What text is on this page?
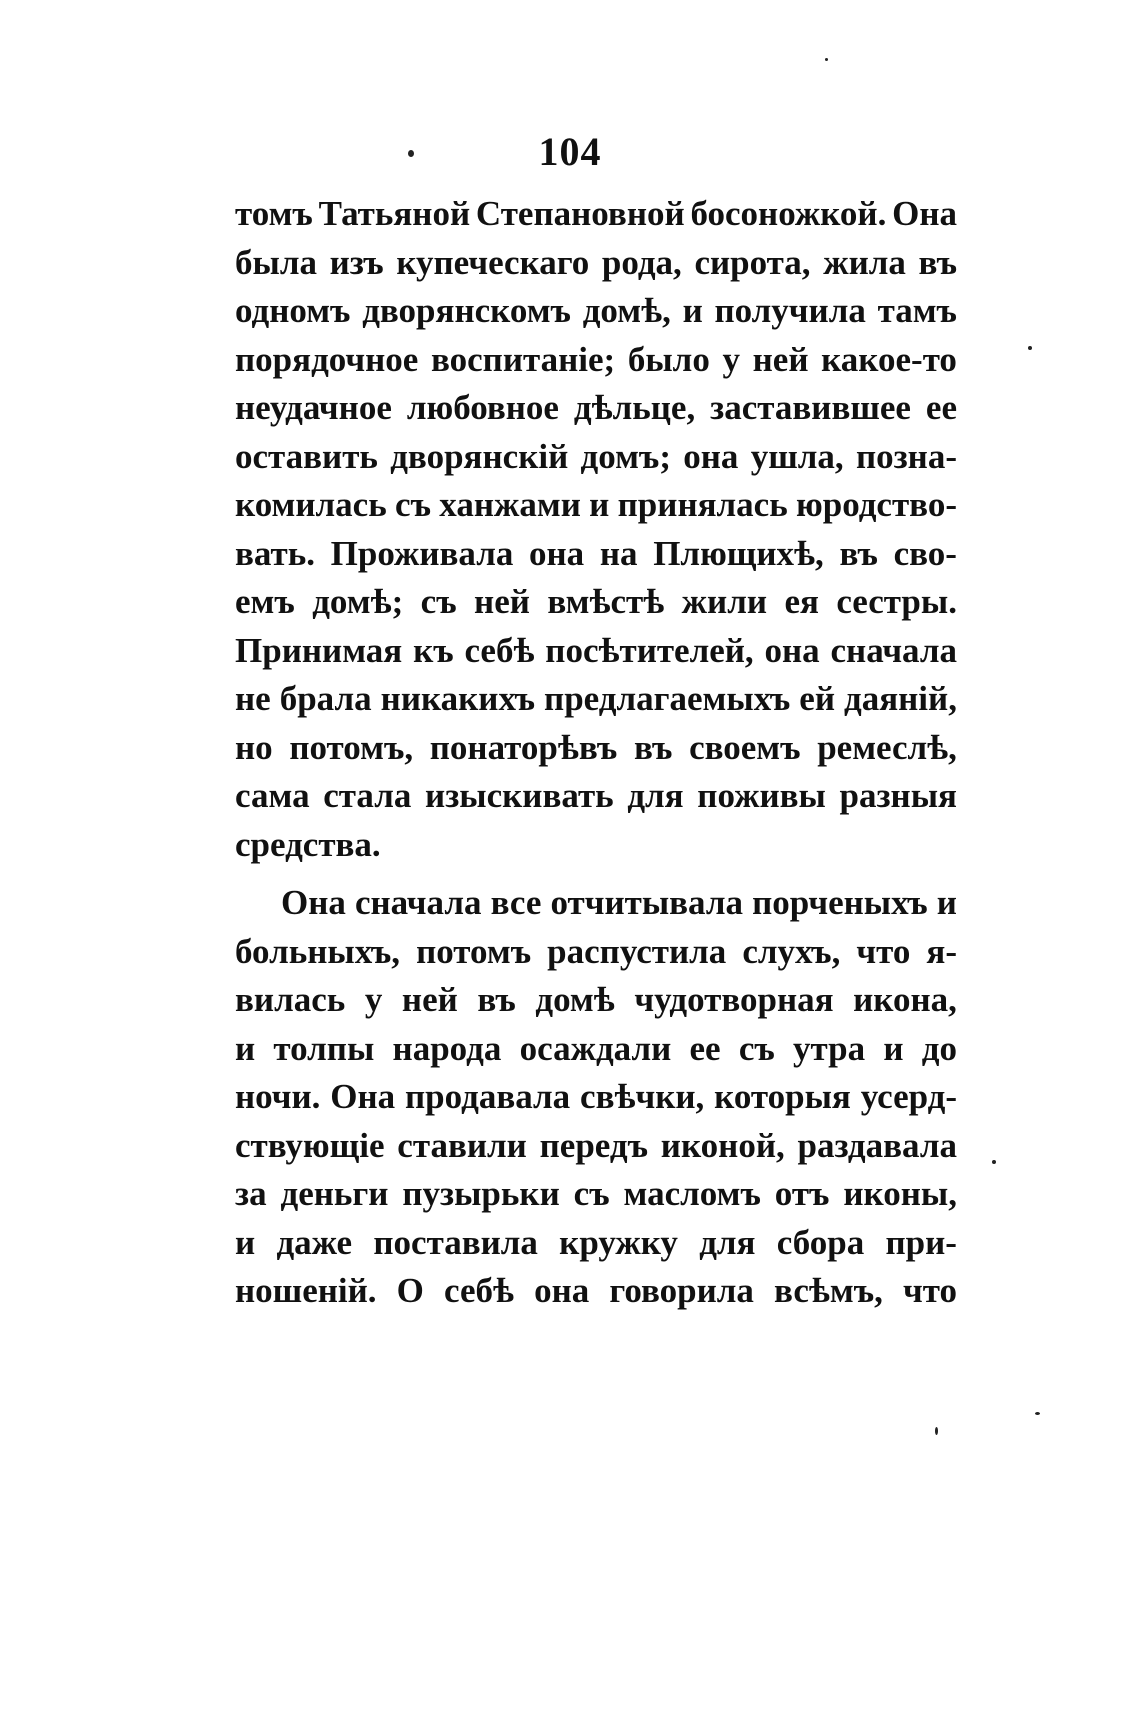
104
томъ Татьяной Степановной босоножкой. Она
была изъ купеческаго рода, сирота, жила въ
одномъ дворянскомъ домѣ, и получила тамъ
порядочное воспитаніе; было у ней какое-то
неудачное любовное дѣльце, заставившее ее
оставить дворянскій домъ; она ушла, позна-
комилась съ ханжами и принялась юродство-
вать. Проживала она на Плющихѣ, въ сво-
емъ домѣ; съ ней вмѣстѣ жили ея сестры.
Принимая къ себѣ посѣтителей, она сначала
не брала никакихъ предлагаемыхъ ей даяній,
но потомъ, понаторѣвъ въ своемъ ремеслѣ,
сама стала изыскивать для поживы разныя
средства.
Она сначала все отчитывала порченыхъ и
больныхъ, потомъ распустила слухъ, что я-
вилась у ней въ домѣ чудотворная икона,
и толпы народа осаждали ее съ утра и до
ночи. Она продавала свѣчки, которыя усерд-
ствующіе ставили передъ иконой, раздавала
за деньги пузырьки съ масломъ отъ иконы,
и даже поставила кружку для сбора при-
ношеній. О себѣ она говорила всѣмъ, что
